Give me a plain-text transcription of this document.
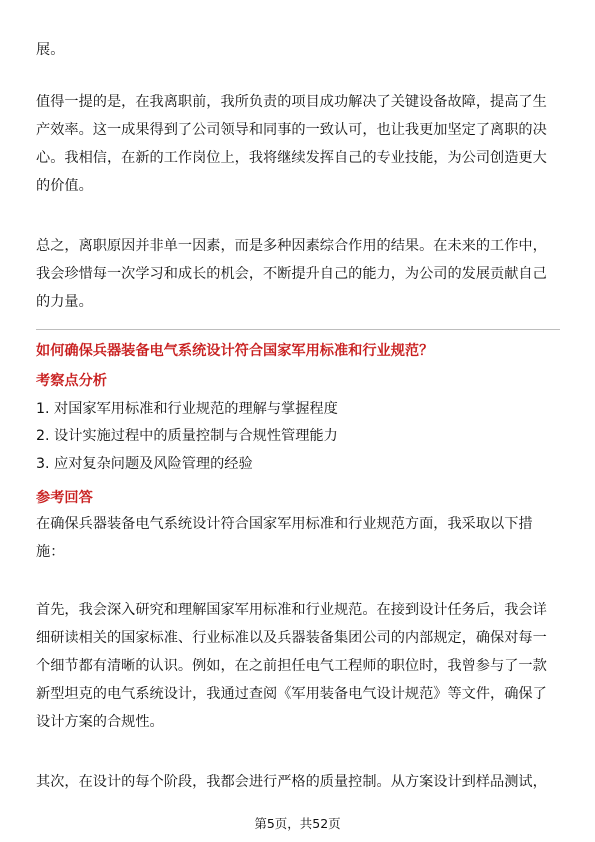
展。

值得一提的是，在我离职前，我所负责的项目成功解决了关键设备故障，提高了生产效率。这一成果得到了公司领导和同事的一致认可，也让我更加坚定了离职的决心。我相信，在新的工作岗位上，我将继续发挥自己的专业技能，为公司创造更大的价值。

总之，离职原因并非单一因素，而是多种因素综合作用的结果。在未来的工作中，我会珍惜每一次学习和成长的机会，不断提升自己的能力，为公司的发展贡献自己的力量。

如何确保兵器装备电气系统设计符合国家军用标准和行业规范？

考察点分析

1. 对国家军用标准和行业规范的理解与掌握程度

2. 设计实施过程中的质量控制与合规性管理能力

3. 应对复杂问题及风险管理的经验

参考回答

在确保兵器装备电气系统设计符合国家军用标准和行业规范方面，我采取以下措施：

首先，我会深入研究和理解国家军用标准和行业规范。在接到设计任务后，我会详细研读相关的国家标准、行业标准以及兵器装备集团公司的内部规定，确保对每一个细节都有清晰的认识。例如，在之前担任电气工程师的职位时，我曾参与了一款新型坦克的电气系统设计，我通过查阅《军用装备电气设计规范》等文件，确保了设计方案的合规性。

其次，在设计的每个阶段，我都会进行严格的质量控制。从方案设计到样品测试，

第5页，共52页
